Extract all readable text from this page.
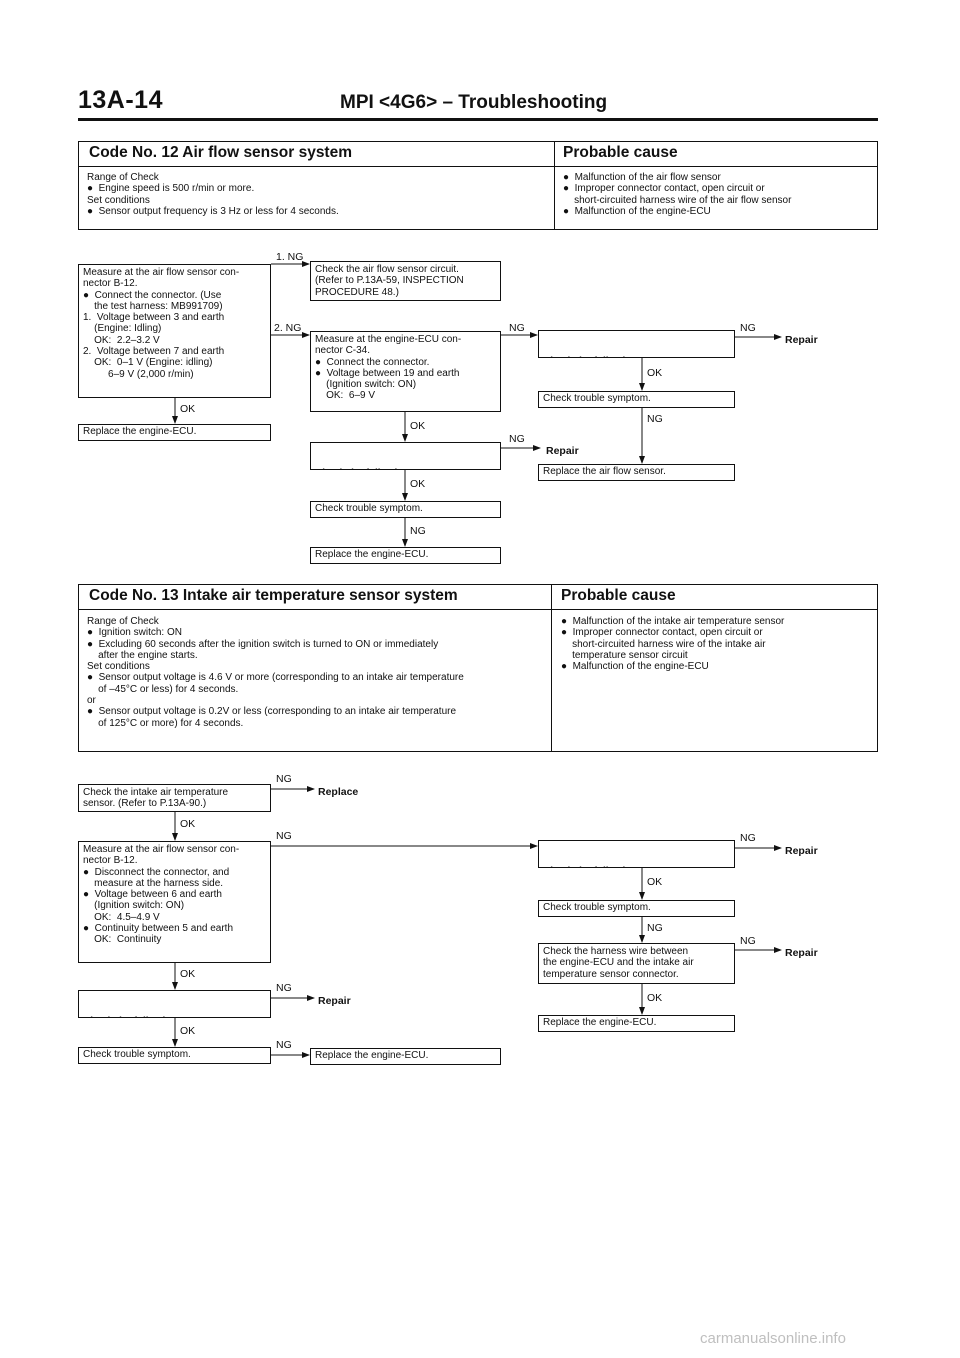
13A-14	MPI <4G6> – Troubleshooting
Code No. 12 Air flow sensor system	Probable cause
Range of Check
●  Engine speed is 500 r/min or more.
Set conditions
●  Sensor output frequency is 3 Hz or less for 4 seconds.
●  Malfunction of the air flow sensor
●  Improper connector contact, open circuit or
short-circuited harness wire of the air flow sensor
●  Malfunction of the engine-ECU
Measure at the air flow sensor con-
nector B-12.
●  Connect the connector. (Use
the test harness: MB991709)
1.  Voltage between 3 and earth
(Engine: Idling)
OK:  2.2–3.2 V
2.  Voltage between 7 and earth
OK:  0–1 V (Engine: idling)
6–9 V (2,000 r/min)
Replace the engine-ECU.
Check the air flow sensor circuit.
(Refer to P.13A-59, INSPECTION
PROCEDURE 48.)
Measure at the engine-ECU con-
nector C-34.
●  Connect the connector.
●  Voltage between 19 and earth
(Ignition switch: ON)
OK:  6–9 V

Check trouble symptom.
Replace the engine-ECU.

Check trouble symptom.
Replace the air flow sensor.
Repair
Repair
1. NG
2. NG
OK
NG
OK
NG
OK
NG
NG
OK
NG
Code No. 13 Intake air temperature sensor system	Probable cause
Range of Check
●  Ignition switch: ON
●  Excluding 60 seconds after the ignition switch is turned to ON or immediately
after the engine starts.
Set conditions
●  Sensor output voltage is 4.6 V or more (corresponding to an intake air temperature
of –45°C or less) for 4 seconds.
or
●  Sensor output voltage is 0.2V or less (corresponding to an intake air temperature
of 125°C or more) for 4 seconds.
●  Malfunction of the intake air temperature sensor
●  Improper connector contact, open circuit or
short-circuited harness wire of the intake air
temperature sensor circuit
●  Malfunction of the engine-ECU
Check the intake air temperature
sensor. (Refer to P.13A-90.)
Measure at the air flow sensor con-
nector B-12.
●  Disconnect the connector, and
measure at the harness side.
●  Voltage between 6 and earth
(Ignition switch: ON)
OK:  4.5–4.9 V
●  Continuity between 5 and earth
OK:  Continuity

Check trouble symptom.	Replace the engine-ECU.

Check trouble symptom.
Check the harness wire between
the engine-ECU and the intake air
temperature sensor connector.
Replace the engine-ECU.
Replace
Repair
Repair
Repair
NG
OK
NG
OK
NG
OK
NG
NG
OK
NG
NG
OK
carmanualsonline.info
